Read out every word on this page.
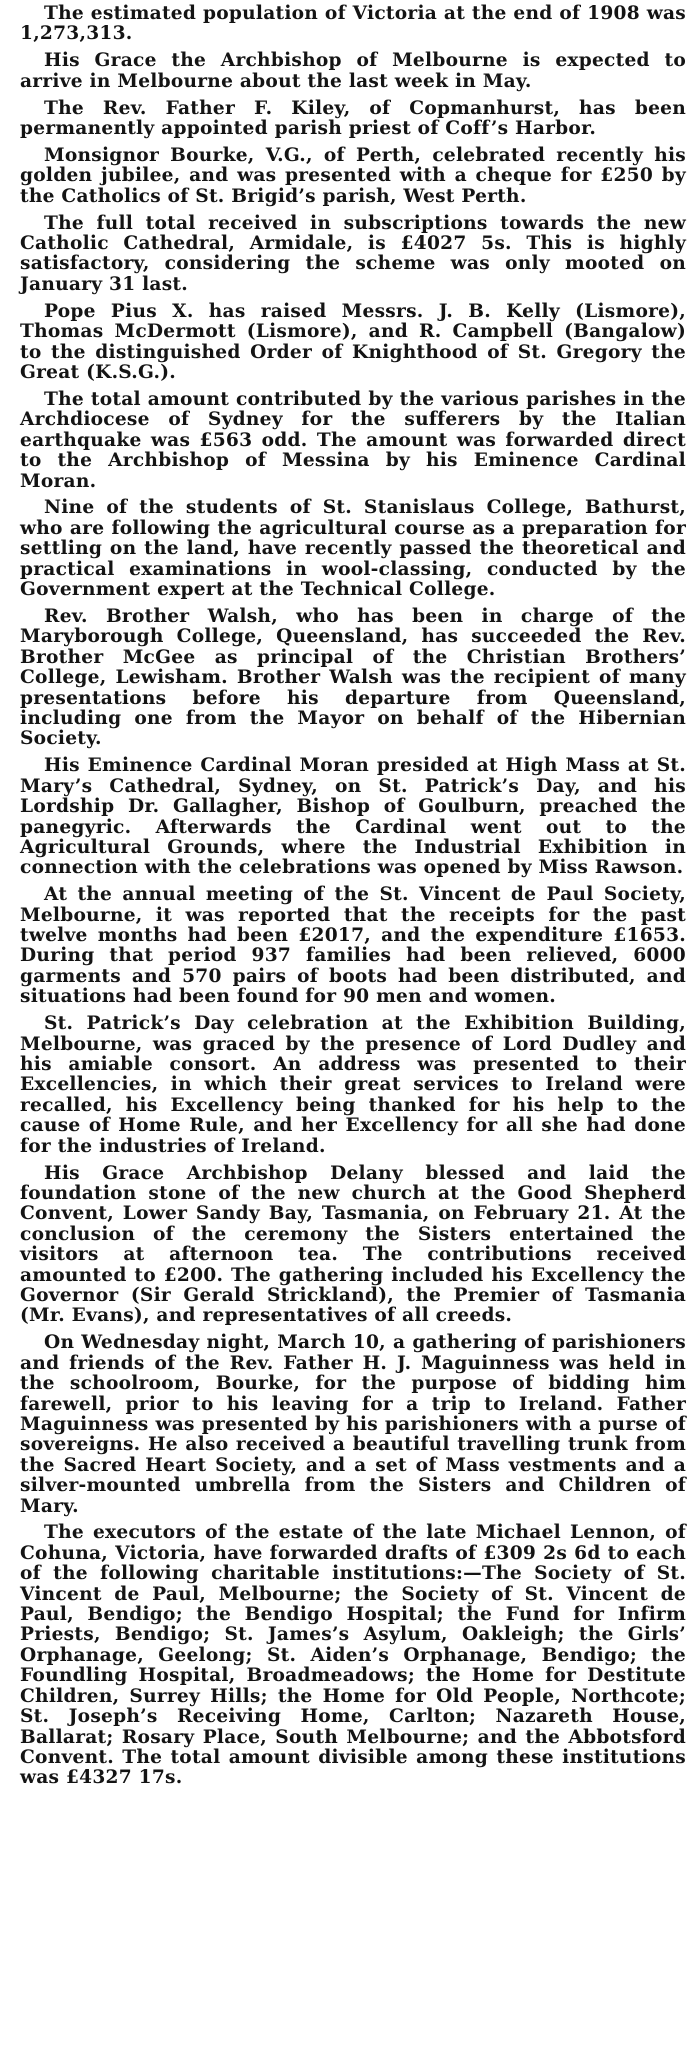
The estimated population of Victoria at the end of 1908 was 1,273,313.

His Grace the Archbishop of Melbourne is expected to arrive in Melbourne about the last week in May.

The Rev. Father F. Kiley, of Copmanhurst, has been permanently appointed parish priest of Coff’s Harbor.

Monsignor Bourke, V.G., of Perth, celebrated recently his golden jubilee, and was presented with a cheque for £250 by the Catholics of St. Brigid’s parish, West Perth.

The full total received in subscriptions towards the new Catholic Cathedral, Armidale, is £4027 5s. This is highly satisfactory, considering the scheme was only mooted on January 31 last.

Pope Pius X. has raised Messrs. J. B. Kelly (Lismore), Thomas McDermott (Lismore), and R. Campbell (Bangalow) to the distinguished Order of Knighthood of St. Gregory the Great (K.S.G.).

The total amount contributed by the various parishes in the Archdiocese of Sydney for the sufferers by the Italian earthquake was £563 odd. The amount was forwarded direct to the Archbishop of Messina by his Eminence Cardinal Moran.

Nine of the students of St. Stanislaus College, Bathurst, who are following the agricultural course as a preparation for settling on the land, have recently passed the theoretical and practical examinations in wool-classing, conducted by the Government expert at the Technical College.

Rev. Brother Walsh, who has been in charge of the Maryborough College, Queensland, has succeeded the Rev. Brother McGee as principal of the Christian Brothers’ College, Lewisham. Brother Walsh was the recipient of many presentations before his departure from Queensland, including one from the Mayor on behalf of the Hibernian Society.

His Eminence Cardinal Moran presided at High Mass at St. Mary’s Cathedral, Sydney, on St. Patrick’s Day, and his Lordship Dr. Gallagher, Bishop of Goulburn, preached the panegyric. Afterwards the Cardinal went out to the Agricultural Grounds, where the Industrial Exhibition in connection with the celebrations was opened by Miss Rawson.

At the annual meeting of the St. Vincent de Paul Society, Melbourne, it was reported that the receipts for the past twelve months had been £2017, and the expenditure £1653. During that period 937 families had been relieved, 6000 garments and 570 pairs of boots had been distributed, and situations had been found for 90 men and women.

St. Patrick’s Day celebration at the Exhibition Building, Melbourne, was graced by the presence of Lord Dudley and his amiable consort. An address was presented to their Excellencies, in which their great services to Ireland were recalled, his Excellency being thanked for his help to the cause of Home Rule, and her Excellency for all she had done for the industries of Ireland.

His Grace Archbishop Delany blessed and laid the foundation stone of the new church at the Good Shepherd Convent, Lower Sandy Bay, Tasmania, on February 21. At the conclusion of the ceremony the Sisters entertained the visitors at afternoon tea. The contributions received amounted to £200. The gathering included his Excellency the Governor (Sir Gerald Strickland), the Premier of Tasmania (Mr. Evans), and representatives of all creeds.

On Wednesday night, March 10, a gathering of parishioners and friends of the Rev. Father H. J. Maguinness was held in the schoolroom, Bourke, for the purpose of bidding him farewell, prior to his leaving for a trip to Ireland. Father Maguinness was presented by his parishioners with a purse of sovereigns. He also received a beautiful travelling trunk from the Sacred Heart Society, and a set of Mass vestments and a silver-mounted umbrella from the Sisters and Children of Mary.

The executors of the estate of the late Michael Lennon, of Cohuna, Victoria, have forwarded drafts of £309 2s 6d to each of the following charitable institutions:—The Society of St. Vincent de Paul, Melbourne; the Society of St. Vincent de Paul, Bendigo; the Bendigo Hospital; the Fund for Infirm Priests, Bendigo; St. James’s Asylum, Oakleigh; the Girls’ Orphanage, Geelong; St. Aiden’s Orphanage, Bendigo; the Foundling Hospital, Broadmeadows; the Home for Destitute Children, Surrey Hills; the Home for Old People, Northcote; St. Joseph’s Receiving Home, Carlton; Nazareth House, Ballarat; Rosary Place, South Melbourne; and the Abbotsford Convent. The total amount divisible among these institutions was £4327 17s.
